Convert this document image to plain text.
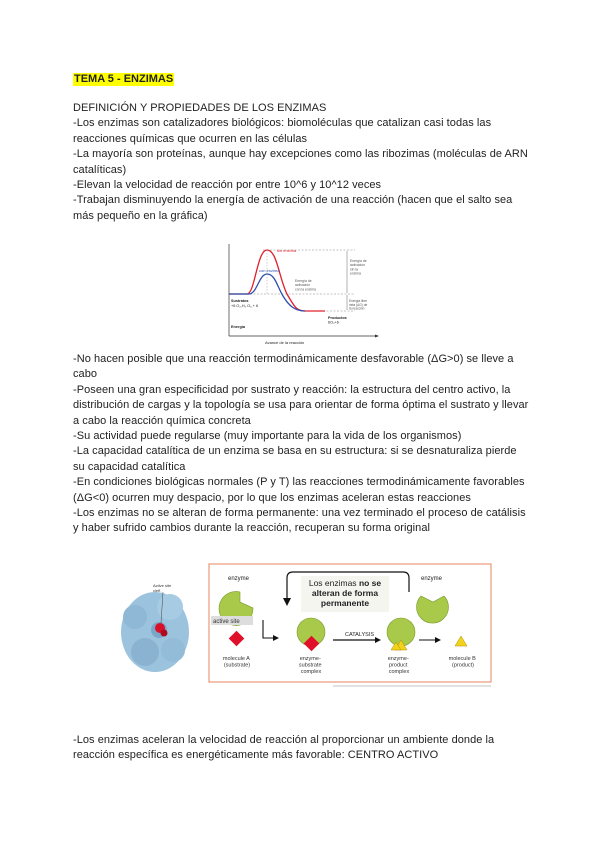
TEMA 5 - ENZIMAS
DEFINICIÓN Y PROPIEDADES DE LOS ENZIMAS
-Los enzimas son catalizadores biológicos: biomoléculas que catalizan casi todas las
reacciones químicas que ocurren en las células
-La mayoría son proteínas, aunque hay excepciones como las ribozimas (moléculas de ARN
catalíticas)
-Elevan la velocidad de reacción por entre 10^6 y 10^12 veces
-Trabajan disminuyendo la energía de activación de una reacción (hacen que el salto sea
más pequeño en la gráfica)
sin enzima
con enzima
Energía de activación sin la enzima
Energía de activación con la enzima
Sustratos +6 O₂,H₂ O₆ + 6
Energía
Productos 6O₂+6
Energía libre neta (ΔG) de la reacción
Avance de la reacción
-No hacen posible que una reacción termodinámicamente desfavorable (ΔG>0) se lleve a
cabo
-Poseen una gran especificidad por sustrato y reacción: la estructura del centro activo, la
distribución de cargas y la topología se usa para orientar de forma óptima el sustrato y llevar
a cabo la reacción química concreta
-Su actividad puede regularse (muy importante para la vida de los organismos)
-La capacidad catalítica de un enzima se basa en su estructura: si se desnaturaliza pierde
su capacidad catalítica
-En condiciones biológicas normales (P y T) las reacciones termodinámicamente favorables
(ΔG<0) ocurren muy despacio, por lo que los enzimas aceleran estas reacciones
-Los enzimas no se alteran de forma permanente: una vez terminado el proceso de catálisis
y haber sufrido cambios durante la reacción, recuperan su forma original
Active site cleft
Los enzimas no se
alteran de forma
permanente
enzyme
active site
enzyme
CATALYSIS
molecule A (substrate)
enzyme- substrate complex
enzyme- product complex
molecule B (product)
-Los enzimas aceleran la velocidad de reacción al proporcionar un ambiente donde la
reacción específica es energéticamente más favorable: CENTRO ACTIVO
